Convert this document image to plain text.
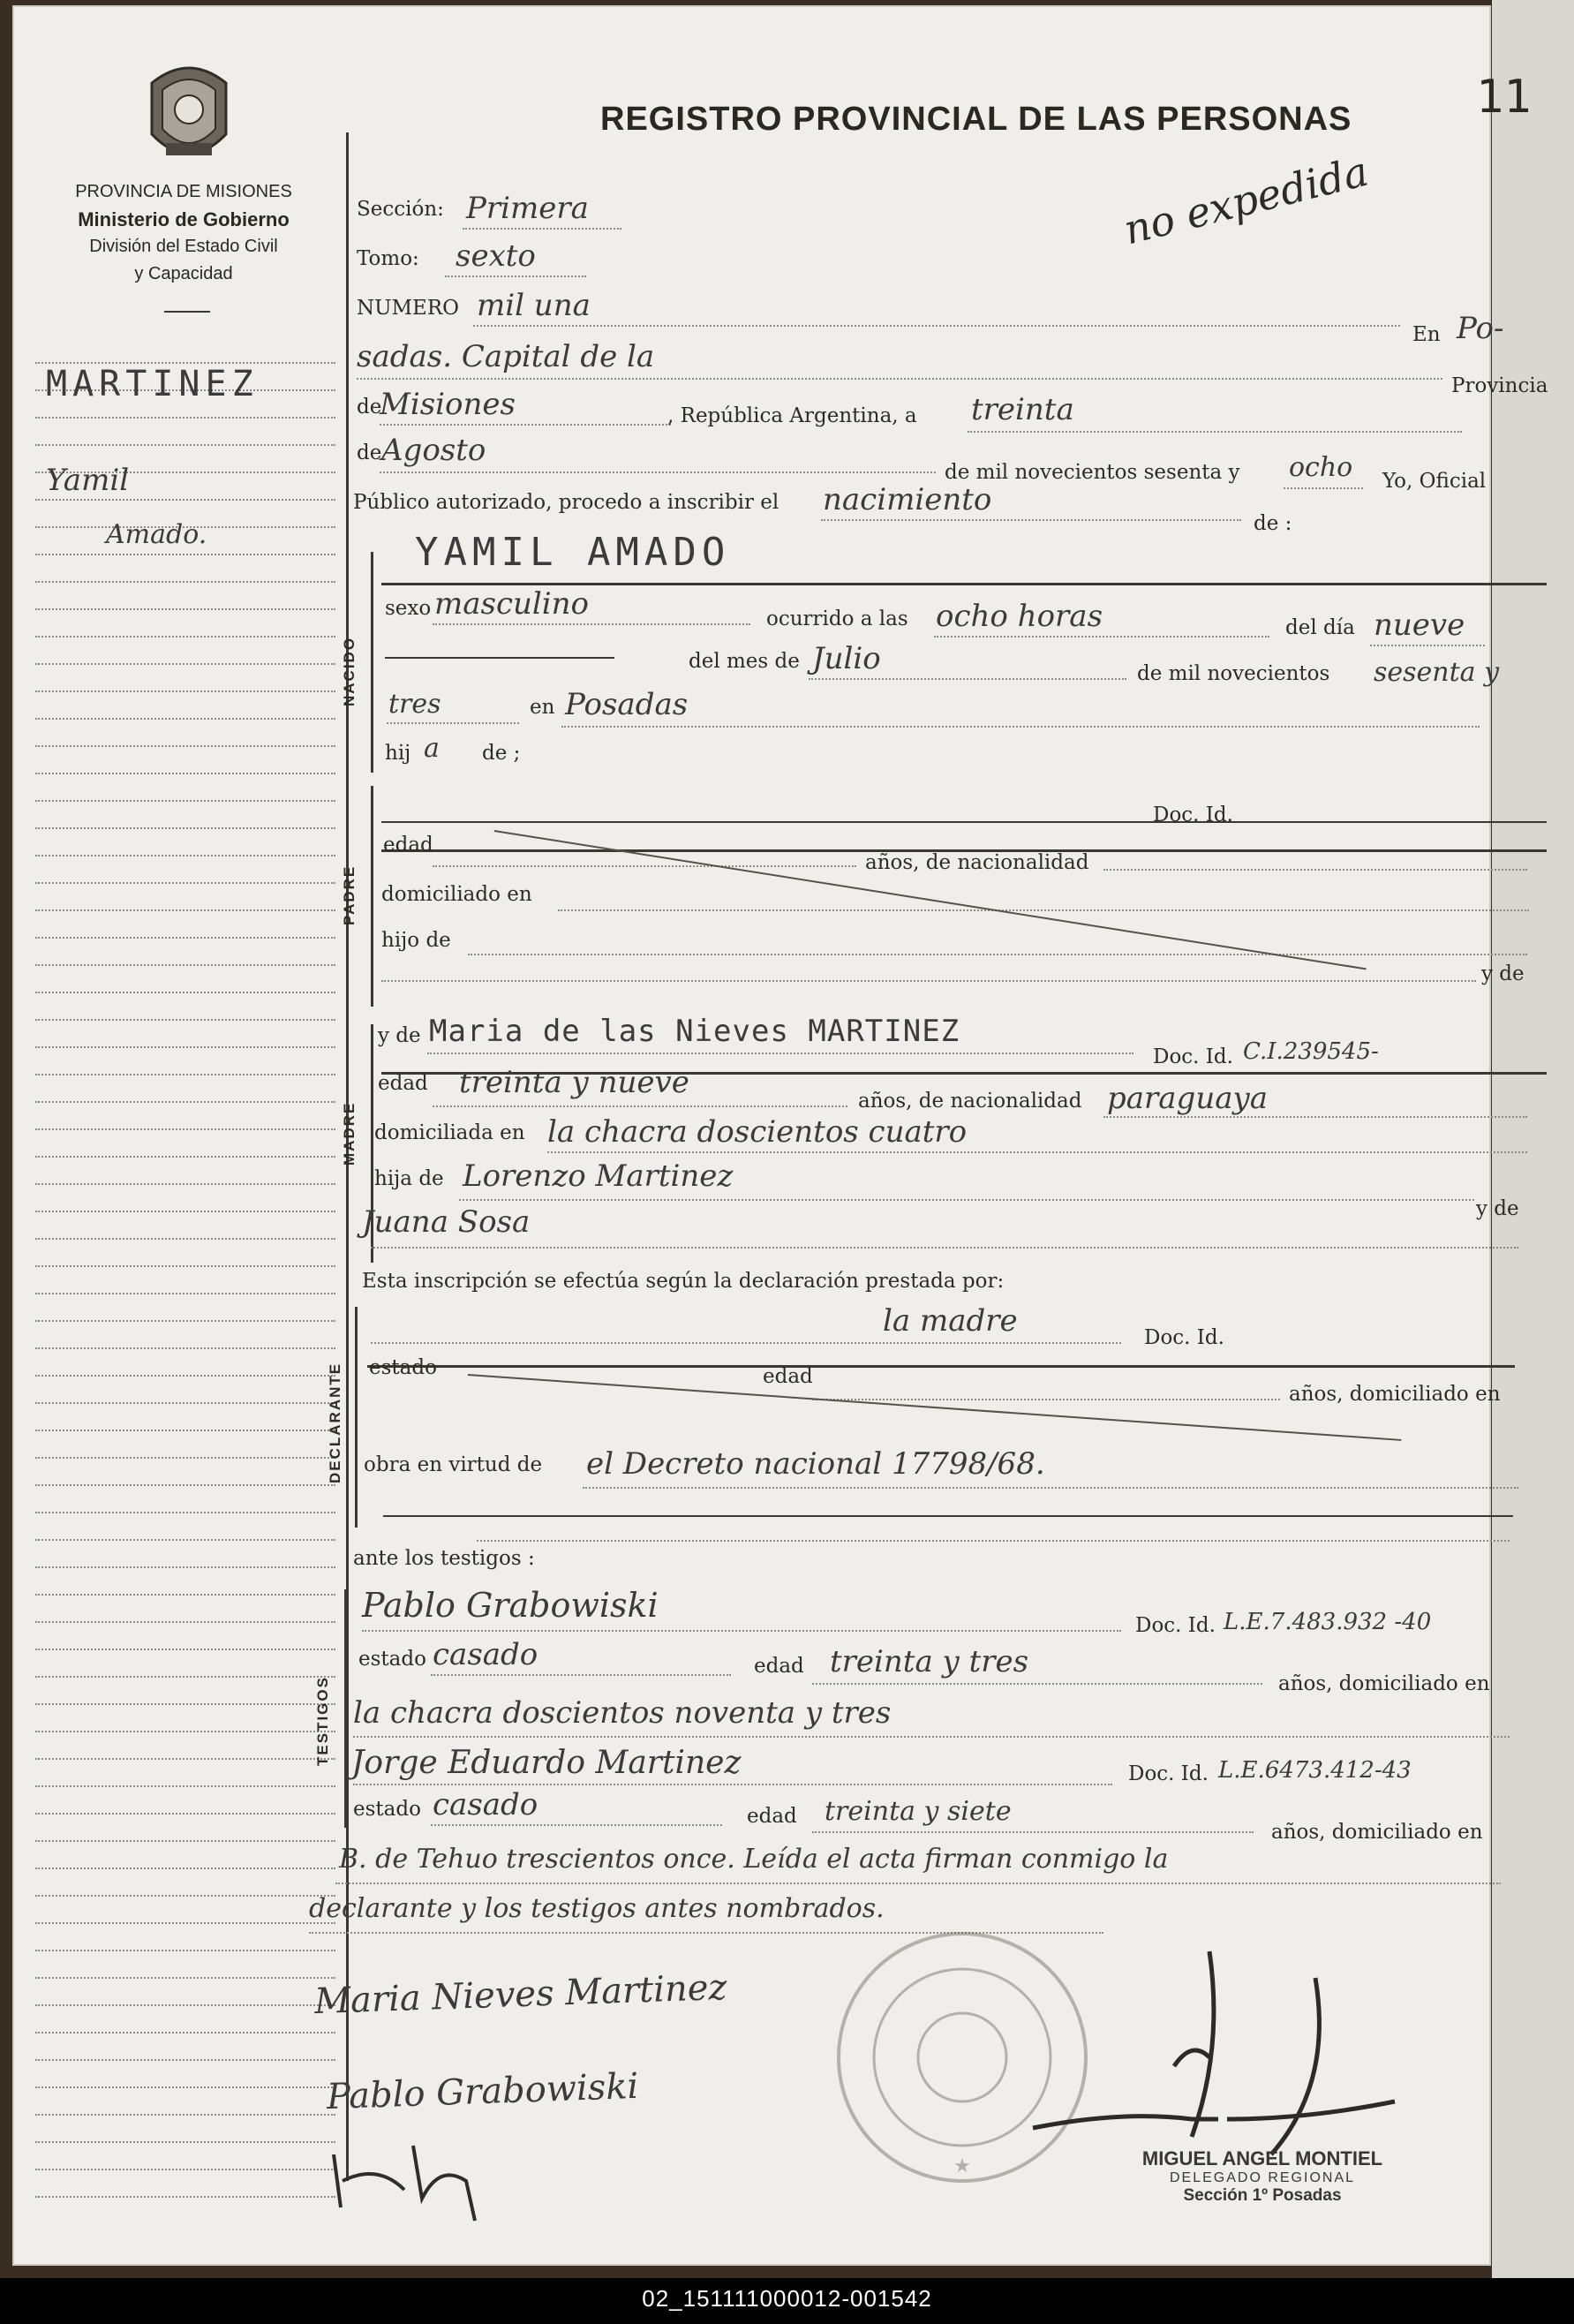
11
PROVINCIA DE MISIONES
Ministerio de Gobierno
División del Estado Civil
y Capacidad
REGISTRO PROVINCIAL DE LAS PERSONAS
no expedida
MARTINEZ
Yamil
Amado.
Sección: Primera
Tomo: sexto
NUMERO mil una
En Po-
sadas. Capital de la
Provincia
de
Misiones	, República Argentina, a treinta
de Agosto
de mil novecientos sesenta y ocho Yo, Oficial
Público autorizado, procedo a inscribir el nacimiento
de :
YAMIL AMADO
NACIDO
sexo masculino	ocurrido a las ocho horas	del día nueve
del mes de Julio	de mil novecientos sesenta y
tres	en Posadas
hij a de ;
PADRE
Doc. Id.
edad
años, de nacionalidad
domiciliado en
hijo de
y de
MADRE
y de Maria de las Nieves MARTINEZ
Doc. Id. C.I.239545-
edad treinta y nueve
años, de nacionalidad paraguaya
domiciliada en la chacra doscientos cuatro
hija de Lorenzo Martinez
y de
Juana Sosa
Esta inscripción se efectúa según la declaración prestada por:
DECLARANTE
la madre	Doc. Id.
estado	edad
años, domiciliado en
obra en virtud de el Decreto nacional 17798/68.
ante los testigos :
TESTIGOS
Pablo Grabowiski
Doc. Id. L.E.7.483.932 -40
estado casado	edad treinta y tres
años, domiciliado en
la chacra doscientos noventa y tres
Jorge Eduardo Martinez	Doc. Id. L.E.6473.412-43
estado casado	edad treinta y siete
años, domiciliado en
B. de Tehuo trescientos once. Leída el acta firman conmigo la
declarante y los testigos antes nombrados.
★
Maria Nieves Martinez
Pablo Grabowiski
MIGUEL ANGEL MONTIEL
DELEGADO REGIONAL
Sección 1º Posadas
02_151111000012-001542
